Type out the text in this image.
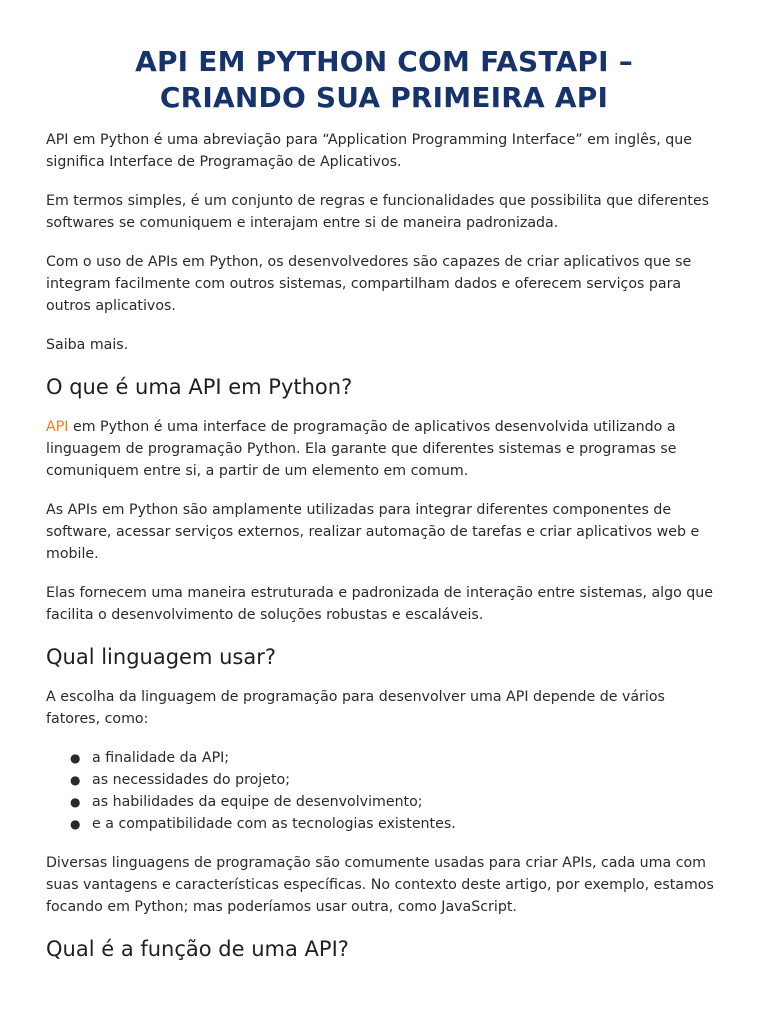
API EM PYTHON COM FASTAPI –
CRIANDO SUA PRIMEIRA API

API em Python é uma abreviação para “Application Programming Interface” em inglês, que significa Interface de Programação de Aplicativos.

Em termos simples, é um conjunto de regras e funcionalidades que possibilita que diferentes softwares se comuniquem e interajam entre si de maneira padronizada.

Com o uso de APIs em Python, os desenvolvedores são capazes de criar aplicativos que se integram facilmente com outros sistemas, compartilham dados e oferecem serviços para outros aplicativos.

Saiba mais.

O que é uma API em Python?

API em Python é uma interface de programação de aplicativos desenvolvida utilizando a linguagem de programação Python. Ela garante que diferentes sistemas e programas se comuniquem entre si, a partir de um elemento em comum.

As APIs em Python são amplamente utilizadas para integrar diferentes componentes de software, acessar serviços externos, realizar automação de tarefas e criar aplicativos web e mobile.

Elas fornecem uma maneira estruturada e padronizada de interação entre sistemas, algo que facilita o desenvolvimento de soluções robustas e escaláveis.

Qual linguagem usar?

A escolha da linguagem de programação para desenvolver uma API depende de vários fatores, como:

● a finalidade da API;
● as necessidades do projeto;
● as habilidades da equipe de desenvolvimento;
● e a compatibilidade com as tecnologias existentes.

Diversas linguagens de programação são comumente usadas para criar APIs, cada uma com suas vantagens e características específicas. No contexto deste artigo, por exemplo, estamos focando em Python; mas poderíamos usar outra, como JavaScript.

Qual é a função de uma API?
